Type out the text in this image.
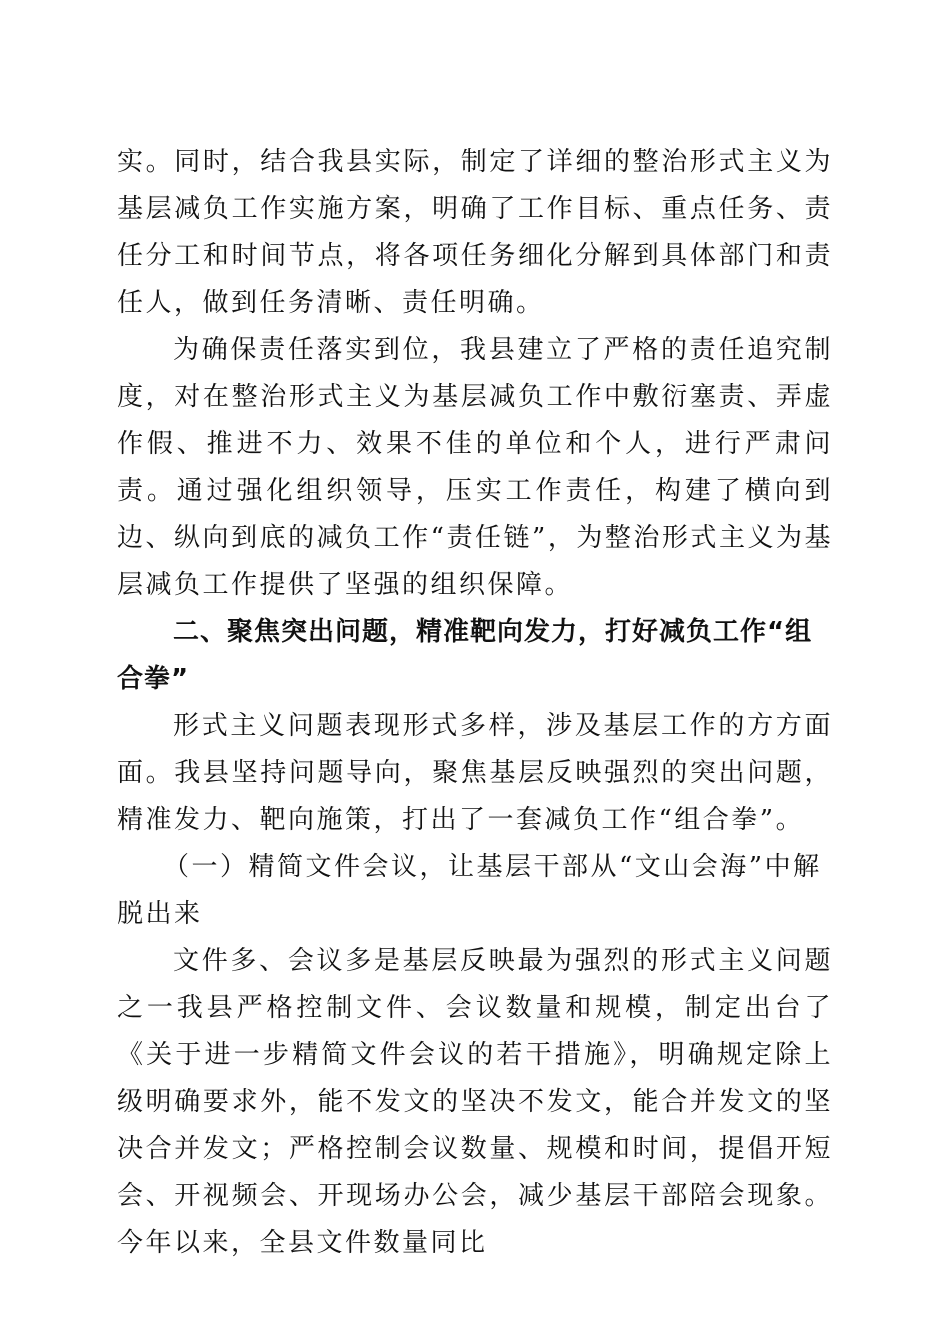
实。同时，结合我县实际，制定了详细的整治形式主义为基层减负工作实施方案，明确了工作目标、重点任务、责任分工和时间节点，将各项任务细化分解到具体部门和责任人，做到任务清晰、责任明确。

为确保责任落实到位，我县建立了严格的责任追究制度，对在整治形式主义为基层减负工作中敷衍塞责、弄虚作假、推进不力、效果不佳的单位和个人，进行严肃问责。通过强化组织领导，压实工作责任，构建了横向到边、纵向到底的减负工作“责任链”，为整治形式主义为基层减负工作提供了坚强的组织保障。

二、聚焦突出问题，精准靶向发力，打好减负工作“组合拳”

形式主义问题表现形式多样，涉及基层工作的方方面面。我县坚持问题导向，聚焦基层反映强烈的突出问题，精准发力、靶向施策，打出了一套减负工作“组合拳”。

（一）精简文件会议，让基层干部从“文山会海”中解脱出来

文件多、会议多是基层反映最为强烈的形式主义问题之一我县严格控制文件、会议数量和规模，制定出台了《关于进一步精简文件会议的若干措施》，明确规定除上级明确要求外，能不发文的坚决不发文，能合并发文的坚决合并发文；严格控制会议数量、规模和时间，提倡开短会、开视频会、开现场办公会，减少基层干部陪会现象。今年以来，全县文件数量同比
